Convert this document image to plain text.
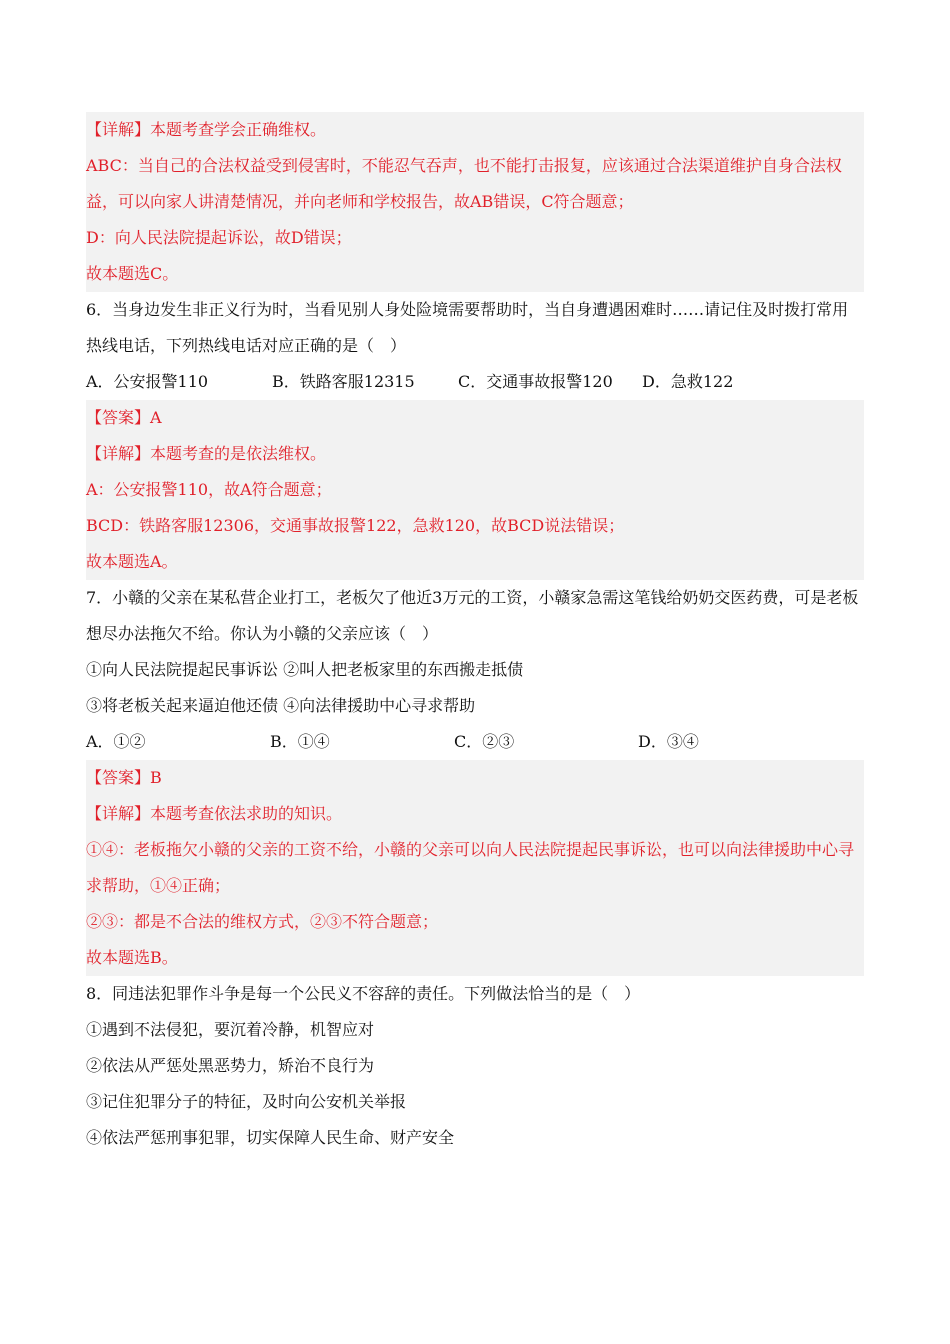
【详解】本题考查学会正确维权。
ABC：当自己的合法权益受到侵害时，不能忍气吞声，也不能打击报复，应该通过合法渠道维护自身合法权益，可以向家人讲清楚情况，并向老师和学校报告，故AB错误，C符合题意；
D：向人民法院提起诉讼，故D错误；
故本题选C。
6．当身边发生非正义行为时，当看见别人身处险境需要帮助时，当自身遭遇困难时……请记住及时拨打常用热线电话，下列热线电话对应正确的是（　）
A．公安报警110	B．铁路客服12315	C．交通事故报警120	D．急救122
【答案】A
【详解】本题考查的是依法维权。
A：公安报警110，故A符合题意；
BCD：铁路客服12306，交通事故报警122，急救120，故BCD说法错误；
故本题选A。
7．小赣的父亲在某私营企业打工，老板欠了他近3万元的工资，小赣家急需这笔钱给奶奶交医药费，可是老板想尽办法拖欠不给。你认为小赣的父亲应该（　）
①向人民法院提起民事诉讼 ②叫人把老板家里的东西搬走抵债
③将老板关起来逼迫他还债 ④向法律援助中心寻求帮助
A．①②	B．①④	C．②③	D．③④
【答案】B
【详解】本题考查依法求助的知识。
①④：老板拖欠小赣的父亲的工资不给，小赣的父亲可以向人民法院提起民事诉讼，也可以向法律援助中心寻求帮助，①④正确；
②③：都是不合法的维权方式，②③不符合题意；
故本题选B。
8．同违法犯罪作斗争是每一个公民义不容辞的责任。下列做法恰当的是（　）
①遇到不法侵犯，要沉着冷静，机智应对
②依法从严惩处黑恶势力，矫治不良行为
③记住犯罪分子的特征，及时向公安机关举报
④依法严惩刑事犯罪，切实保障人民生命、财产安全
